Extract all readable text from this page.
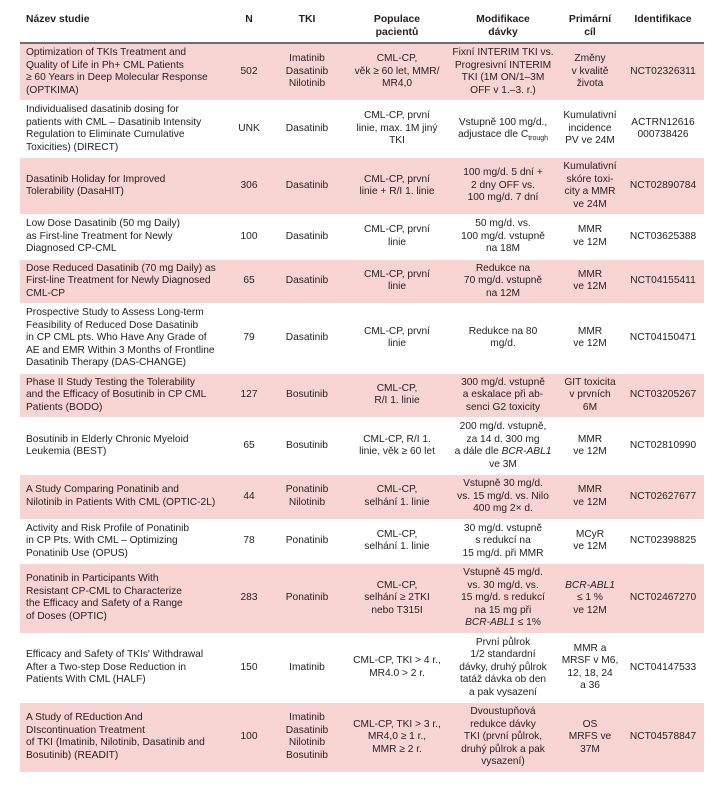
Název studie	N	TKI	Populace
pacientů	Modifikace
dávky	Primární
cíl	Identifikace

Optimization of TKIs Treatment and
Quality of Life in Ph+ CML Patients
≥ 60 Years in Deep Molecular Response
(OPTKIMA)	502	Imatinib
Dasatinib
Nilotinib	CML-CP,
věk ≥ 60 let, MMR/
MR4,0	Fixní INTERIM TKI vs.
Progresivní INTERIM
TKI (1M ON/1–3M
OFF v 1.–3. r.)	Změny
v kvalitě
života	NCT02326311

Individualised dasatinib dosing for
patients with CML – Dasatinib Intensity
Regulation to Eliminate Cumulative
Toxicities) (DIRECT)	UNK	Dasatinib	CML-CP, první
linie, max. 1M jiný
TKI	Vstupně 100 mg/d.,
adjustace dle $C_{trough}$	Kumulativní
incidence
PV ve 24M	ACTRN12616
000738426

Dasatinib Holiday for Improved
Tolerability (DasaHIT)	306	Dasatinib	CML-CP, první
linie + R/I 1. linie	100 mg/d. 5 dní +
2 dny OFF vs.
100 mg/d. 7 dní	Kumulativní
skóre toxi-
city a MMR
ve 24M	NCT02890784

Low Dose Dasatinib (50 mg Daily)
as First-line Treatment for Newly
Diagnosed CP-CML	100	Dasatinib	CML-CP, první
linie	50 mg/d. vs.
100 mg/d. vstupně
na 18M	MMR
ve 12M	NCT03625388

Dose Reduced Dasatinib (70 mg Daily) as
First-line Treatment for Newly Diagnosed
CML-CP	65	Dasatinib	CML-CP, první
linie	Redukce na
70 mg/d. vstupně
na 12M	MMR
ve 12M	NCT04155411

Prospective Study to Assess Long-term
Feasibility of Reduced Dose Dasatinib
in CP CML pts. Who Have Any Grade of
AE and EMR Within 3 Months of Frontline
Dasatinib Therapy (DAS-CHANGE)	79	Dasatinib	CML-CP, první
linie	Redukce na 80
mg/d.	MMR
ve 12M	NCT04150471

Phase II Study Testing the Tolerability
and the Efficacy of Bosutinib in CP CML
Patients (BODO)	127	Bosutinib	CML-CP,
R/I 1. linie	300 mg/d. vstupně
a eskalace při ab-
senci G2 toxicity	GIT toxicita
v prvních
6M	NCT03205267

Bosutinib in Elderly Chronic Myeloid
Leukemia (BEST)	65	Bosutinib	CML-CP, R/I 1.
linie, věk ≥ 60 let	200 mg/d. vstupně,
za 14 d. 300 mg
a dále dle BCR-ABL1
ve 3M	MMR
ve 12M	NCT02810990

A Study Comparing Ponatinib and
Nilotinib in Patients With CML (OPTIC-2L)	44	Ponatinib
Nilotinib	CML-CP,
selhání 1. linie	Vstupně 30 mg/d.
vs. 15 mg/d. vs. Nilo
400 mg 2× d.	MMR
ve 12M	NCT02627677

Activity and Risk Profile of Ponatinib
in CP Pts. With CML – Optimizing
Ponatinib Use (OPUS)	78	Ponatinib	CML-CP,
selhání 1. linie	30 mg/d. vstupně
s redukcí na
15 mg/d. při MMR	MCyR
ve 12M	NCT02398825

Ponatinib in Participants With
Resistant CP-CML to Characterize
the Efficacy and Safety of a Range
of Doses (OPTIC)	283	Ponatinib	CML-CP,
selhání ≥ 2TKI
nebo T315I	Vstupně 45 mg/d.
vs. 30 mg/d. vs.
15 mg/d. s redukcí
na 15 mg při
BCR-ABL1 ≤ 1%	BCR-ABL1
≤ 1 %
ve 12M	NCT02467270

Efficacy and Safety of TKIs' Withdrawal
After a Two-step Dose Reduction in
Patients With CML (HALF)	150	Imatinib	CML-CP, TKI > 4 r.,
MR4.0 > 2 r.	První půlrok
1/2 standardní
dávky, druhý půlrok
tatáž dávka ob den
a pak vysazení	MMR a
MRSF v M6,
12, 18, 24
a 36	NCT04147533

A Study of REduction And
DIscontinuation Treatment
of TKI (Imatinib, Nilotinib, Dasatinib and
Bosutinib) (READIT)	100	Imatinib
Dasatinib
Nilotinib
Bosutinib	CML-CP, TKI > 3 r.,
MR4,0 ≥ 1 r.,
MMR ≥ 2 r.	Dvoustupňová
redukce dávky
TKI (první půlrok,
druhý půlrok a pak
vysazení)	OS
MRFS ve
37M	NCT04578847
